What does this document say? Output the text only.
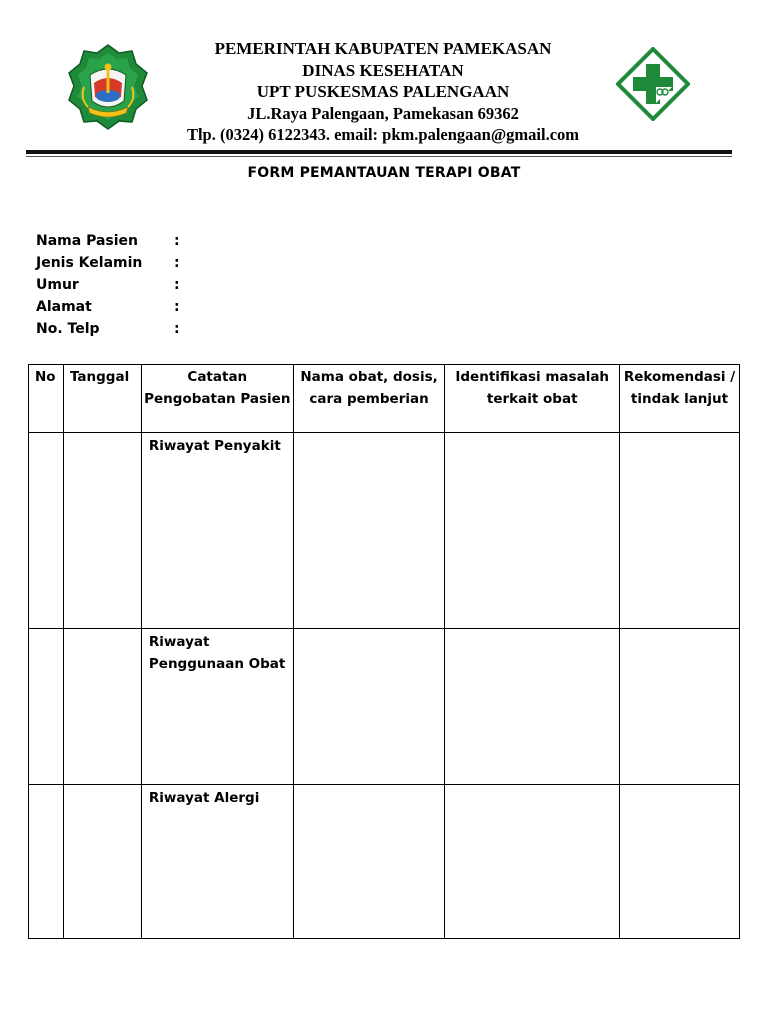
PEMERINTAH KABUPATEN PAMEKASAN
DINAS KESEHATAN
UPT PUSKESMAS PALENGAAN
JL.Raya Palengaan, Pamekasan 69362
Tlp. (0324) 6122343. email: pkm.palengaan@gmail.com
FORM PEMANTAUAN TERAPI OBAT
Nama Pasien	:
Jenis Kelamin :
Umur	:
Alamat	:
No. Telp	:
No	Tanggal	Catatan Pengobatan Pasien	Nama obat, dosis, cara pemberian	Identifikasi masalah terkait obat	Rekomendasi / tindak lanjut
		Riwayat Penyakit			
		Riwayat Penggunaan Obat			
		Riwayat Alergi			
